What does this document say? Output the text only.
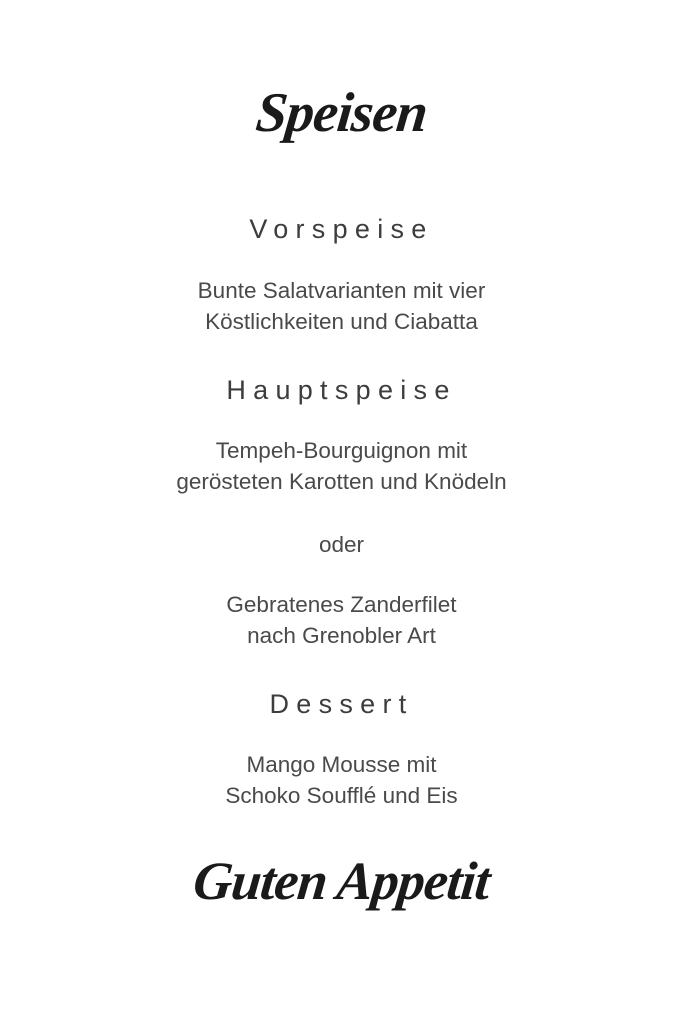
Speisen
Vorspeise

Bunte Salatvarianten mit vier
Köstlichkeiten und Ciabatta

Hauptspeise

Tempeh-Bourguignon mit
gerösteten Karotten und Knödeln

oder

Gebratenes Zanderfilet
nach Grenobler Art

Dessert

Mango Mousse mit
Schoko Soufflé und Eis

Guten Appetit
